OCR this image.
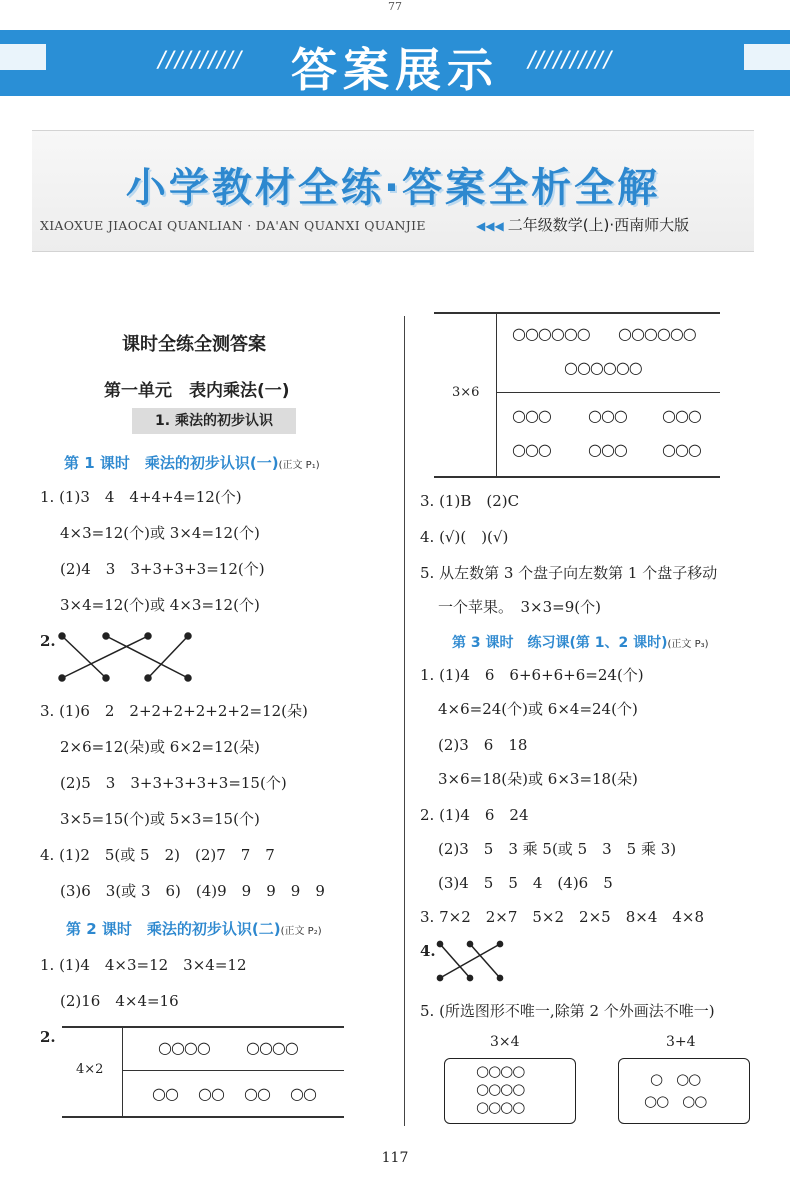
77
//////////	//////////
答案展示
小学教材全练·答案全析全解
XIAOXUE JIAOCAI QUANLIAN · DA'AN QUANXI QUANJIE	◀◀◀ 二年级数学(上)·西南师大版
课时全练全测答案
第一单元　表内乘法(一)
1. 乘法的初步认识
第 1 课时　乘法的初步认识(一)(正文 P₁)
1. (1)3　4　4+4+4=12(个)
4×3=12(个)或 3×4=12(个)
(2)4　3　3+3+3+3=12(个)
3×4=12(个)或 4×3=12(个)
2.
3. (1)6　2　2+2+2+2+2+2=12(朵)
2×6=12(朵)或 6×2=12(朵)
(2)5　3　3+3+3+3+3=15(个)
3×5=15(个)或 5×3=15(个)
4. (1)2　5(或 5　2)　(2)7　7　7
(3)6　3(或 3　6)　(4)9　9　9　9　9
第 2 课时　乘法的初步认识(二)(正文 P₂)
1. (1)4　4×3=12　3×4=12
(2)16　4×4=16
2.
4×2
○○○○ ○○○○
○○ ○○ ○○ ○○
3×6
○○○○○○ ○○○○○○
○○○○○○
○○○ ○○○ ○○○
○○○ ○○○ ○○○
3. (1)B　(2)C
4. (√)(　)(√)
5. 从左数第 3 个盘子向左数第 1 个盘子移动
一个苹果。　3×3=9(个)
第 3 课时　练习课(第 1、2 课时)(正文 P₃)
1. (1)4　6　6+6+6+6=24(个)
4×6=24(个)或 6×4=24(个)
(2)3　6　18
3×6=18(朵)或 6×3=18(朵)
2. (1)4　6　24
(2)3　5　3 乘 5(或 5　3　5 乘 3)
(3)4　5　5　4　(4)6　5
3. 7×2　2×7　5×2　2×5　8×4　4×8
4.
5. (所选图形不唯一,除第 2 个外画法不唯一)
3×4
○○○○
○○○○
○○○○
3+4
○　○○
○○　○○
117
